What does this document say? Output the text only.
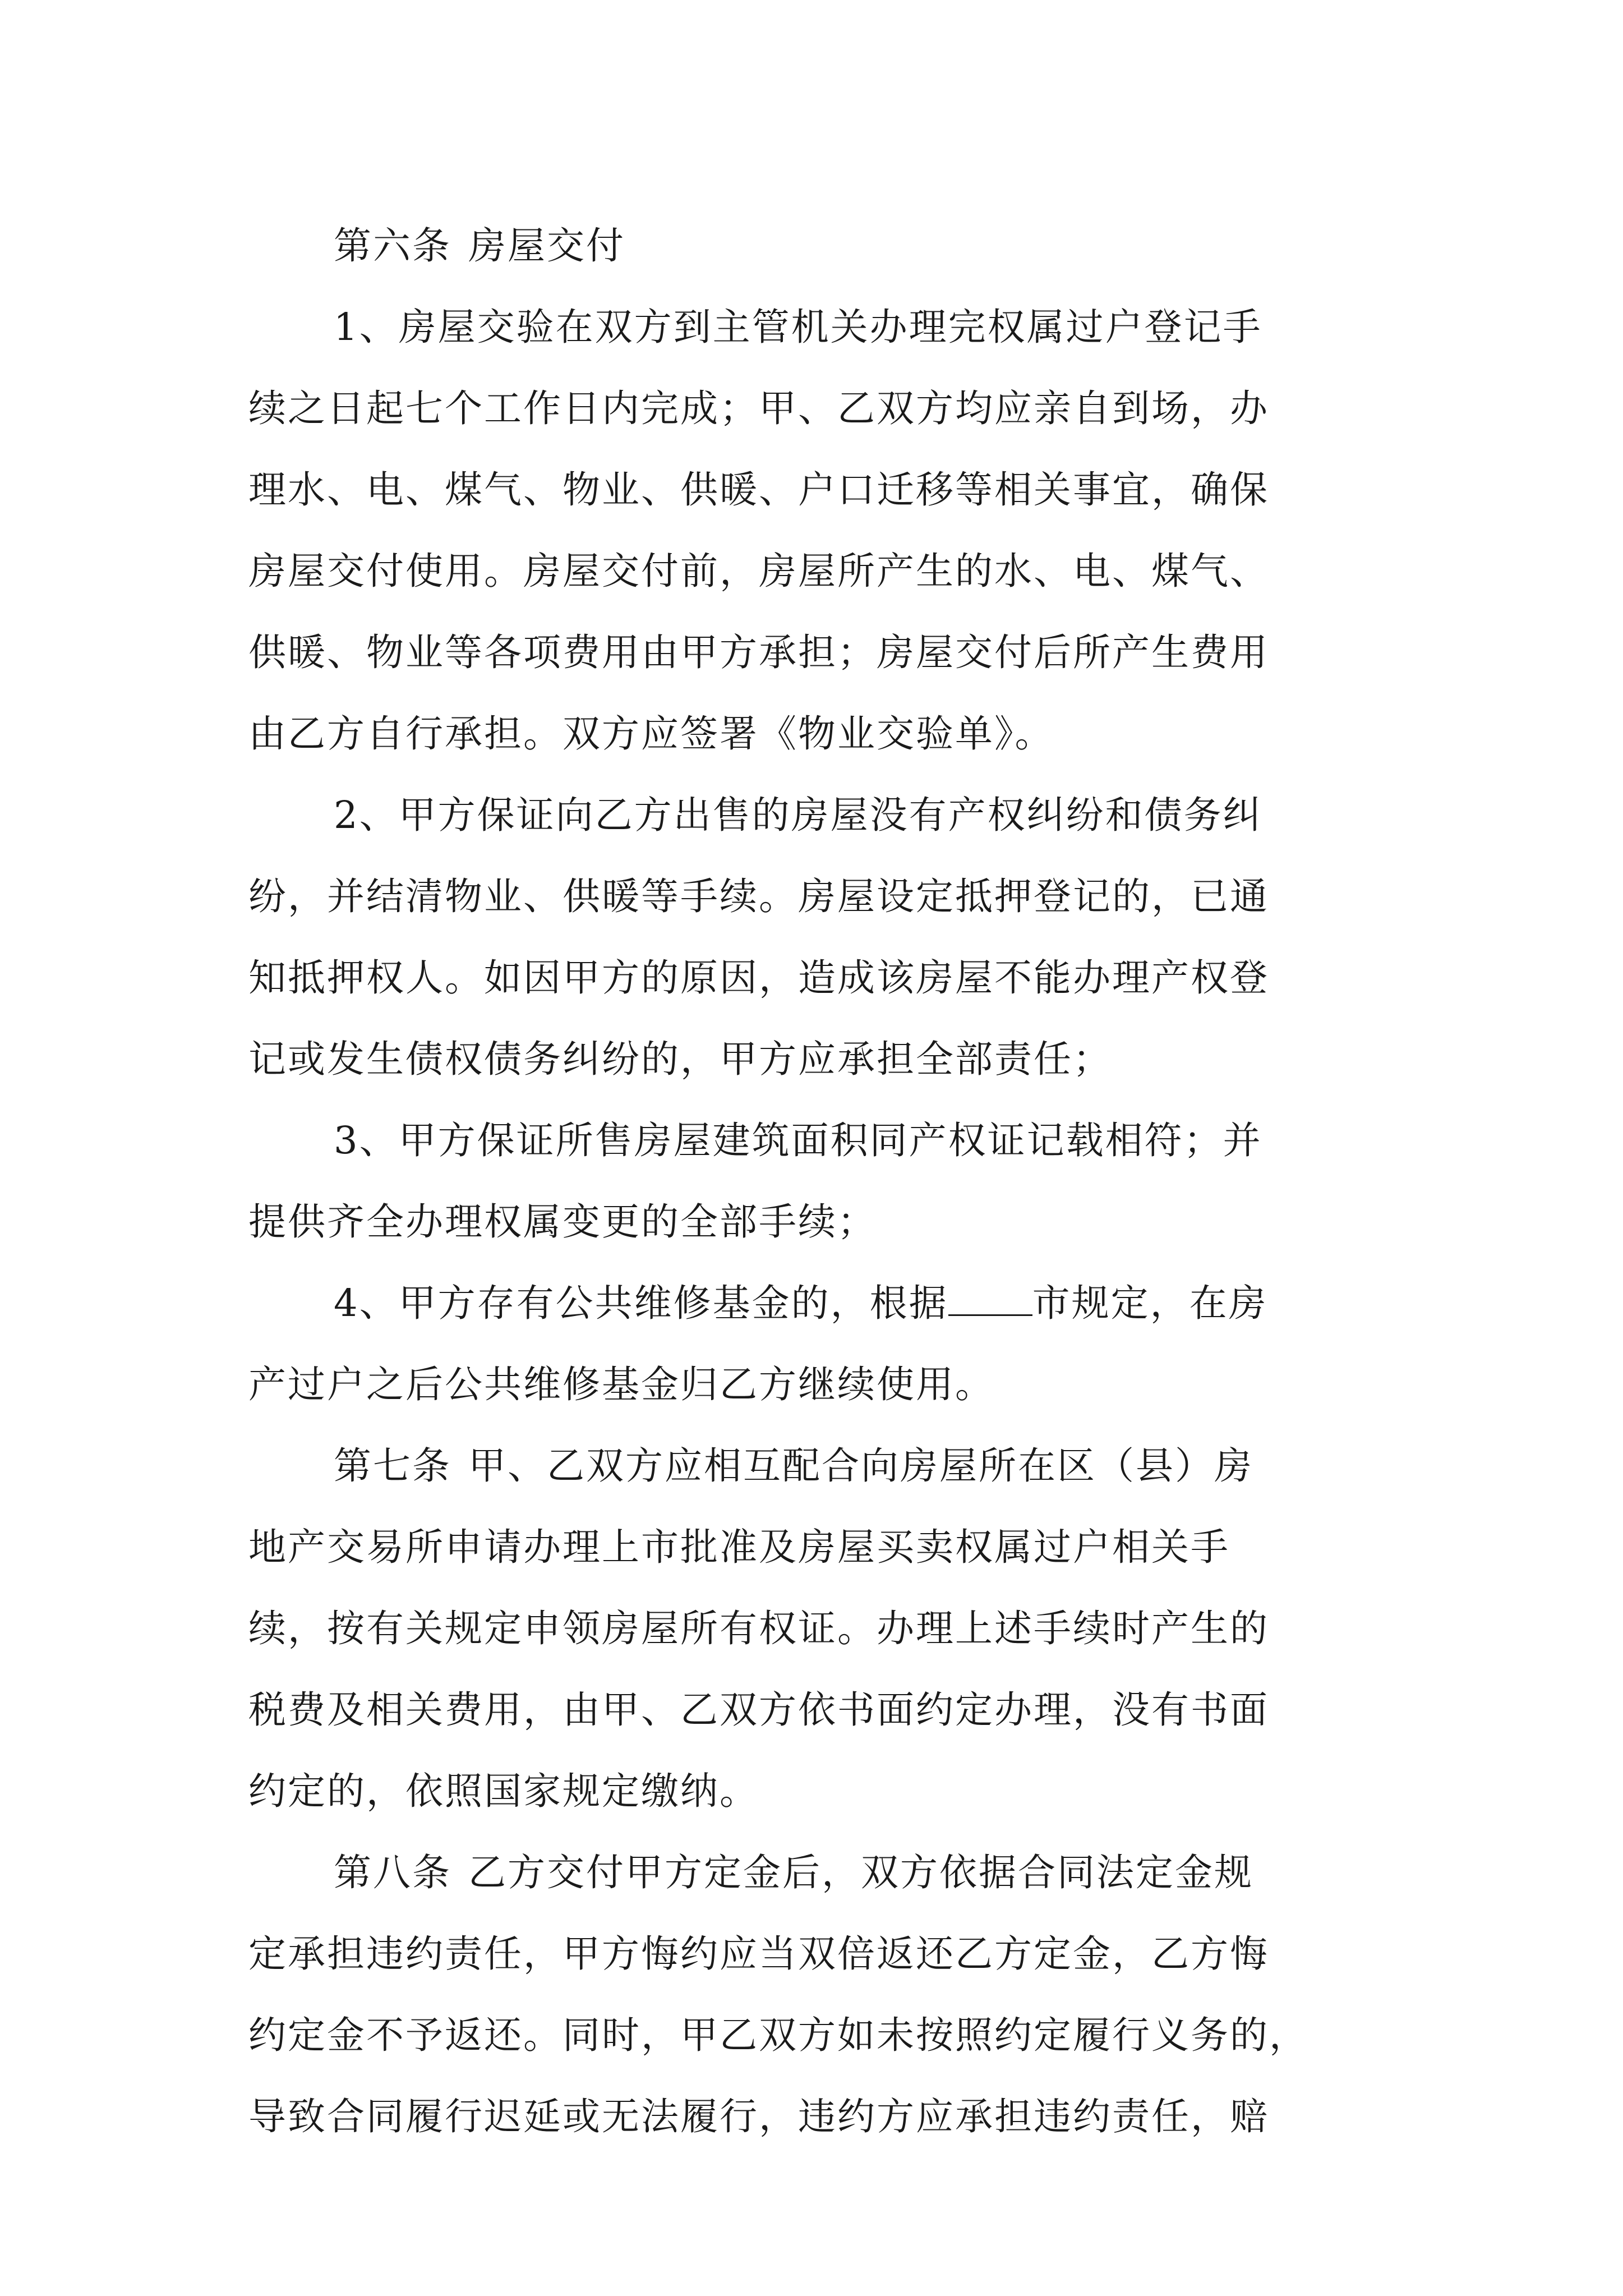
第六条 房屋交付
1、房屋交验在双方到主管机关办理完权属过户登记手
续之日起七个工作日内完成；甲、乙双方均应亲自到场，办
理水、电、煤气、物业、供暖、户口迁移等相关事宜，确保
房屋交付使用。房屋交付前，房屋所产生的水、电、煤气、
供暖、物业等各项费用由甲方承担；房屋交付后所产生费用
由乙方自行承担。双方应签署《物业交验单》。
2、甲方保证向乙方出售的房屋没有产权纠纷和债务纠
纷，并结清物业、供暖等手续。房屋设定抵押登记的，已通
知抵押权人。如因甲方的原因，造成该房屋不能办理产权登
记或发生债权债务纠纷的，甲方应承担全部责任；
3、甲方保证所售房屋建筑面积同产权证记载相符；并
提供齐全办理权属变更的全部手续；
4、甲方存有公共维修基金的，根据 市规定，在房
产过户之后公共维修基金归乙方继续使用。
第七条 甲、乙双方应相互配合向房屋所在区（县）房
地产交易所申请办理上市批准及房屋买卖权属过户相关手
续，按有关规定申领房屋所有权证。办理上述手续时产生的
税费及相关费用，由甲、乙双方依书面约定办理，没有书面
约定的，依照国家规定缴纳。
第八条 乙方交付甲方定金后，双方依据合同法定金规
定承担违约责任，甲方悔约应当双倍返还乙方定金，乙方悔
约定金不予返还。同时，甲乙双方如未按照约定履行义务的，
导致合同履行迟延或无法履行，违约方应承担违约责任，赔
